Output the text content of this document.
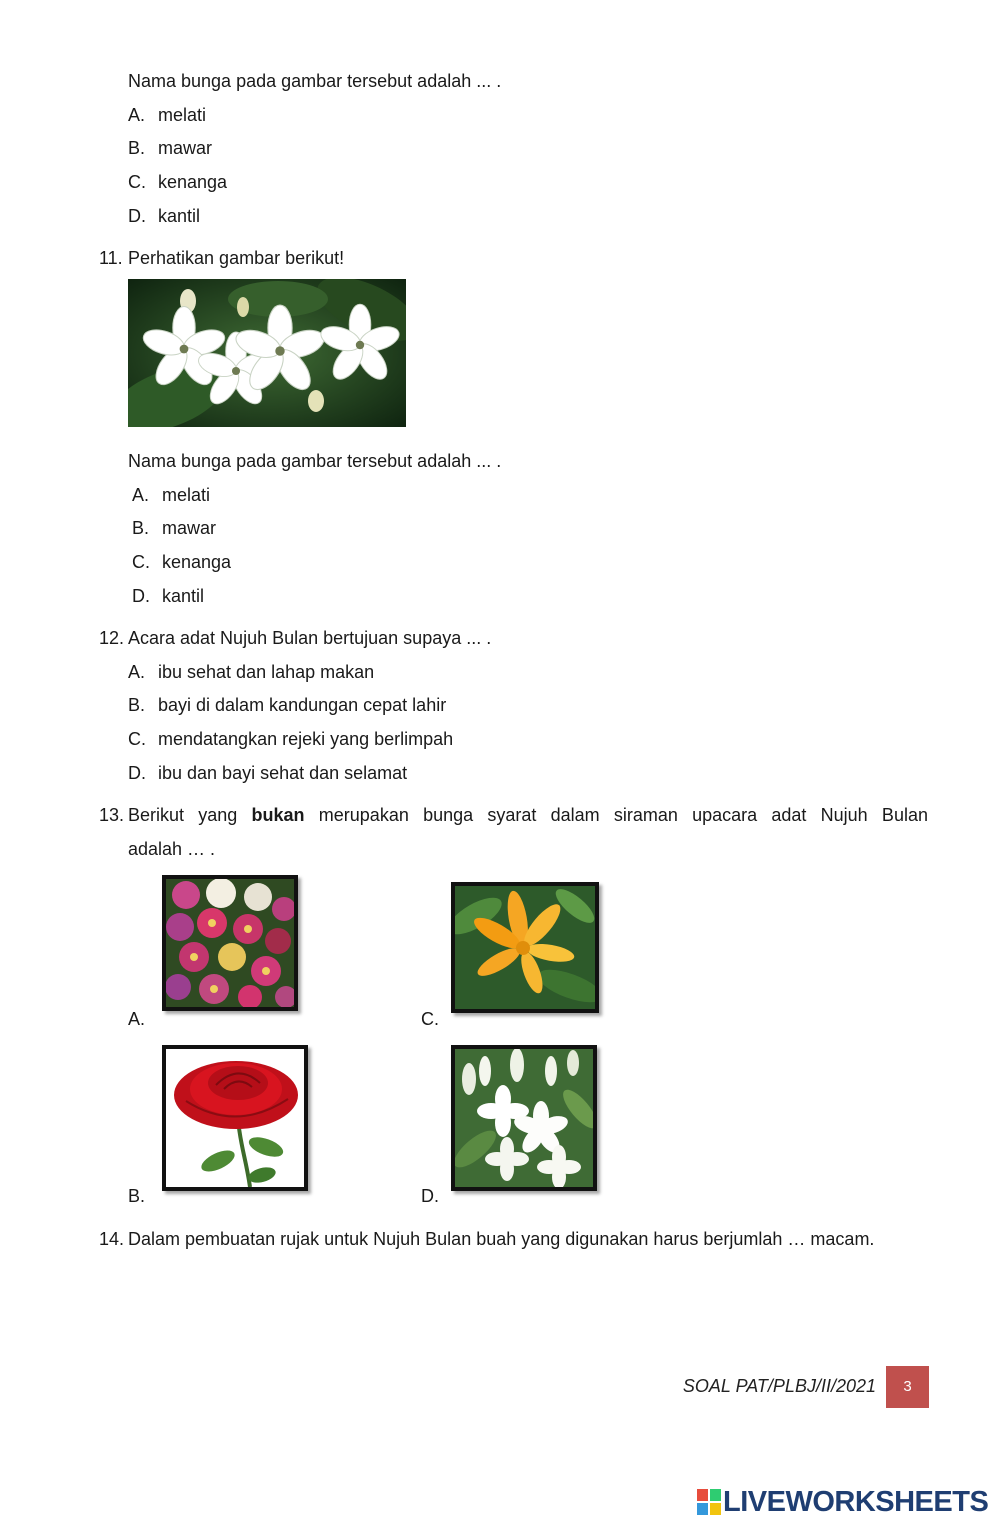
Nama bunga pada gambar tersebut adalah ... .
A. melati
B. mawar
C. kenanga
D. kantil
11. Perhatikan gambar berikut!
Nama bunga pada gambar tersebut adalah ... .
A. melati
B. mawar
C. kenanga
D. kantil
12. Acara adat Nujuh Bulan bertujuan supaya ... .
A. ibu sehat dan lahap makan
B. bayi di dalam kandungan cepat lahir
C. mendatangkan rejeki yang berlimpah
D. ibu dan bayi sehat dan selamat
13. Berikut yang bukan merupakan bunga syarat dalam siraman upacara adat Nujuh Bulan
adalah … .
A.	C.
B.	D.
14. Dalam pembuatan rujak untuk Nujuh Bulan buah yang digunakan harus berjumlah … macam.
SOAL PAT/PLBJ/II/2021	3
LIVEWORKSHEETS
